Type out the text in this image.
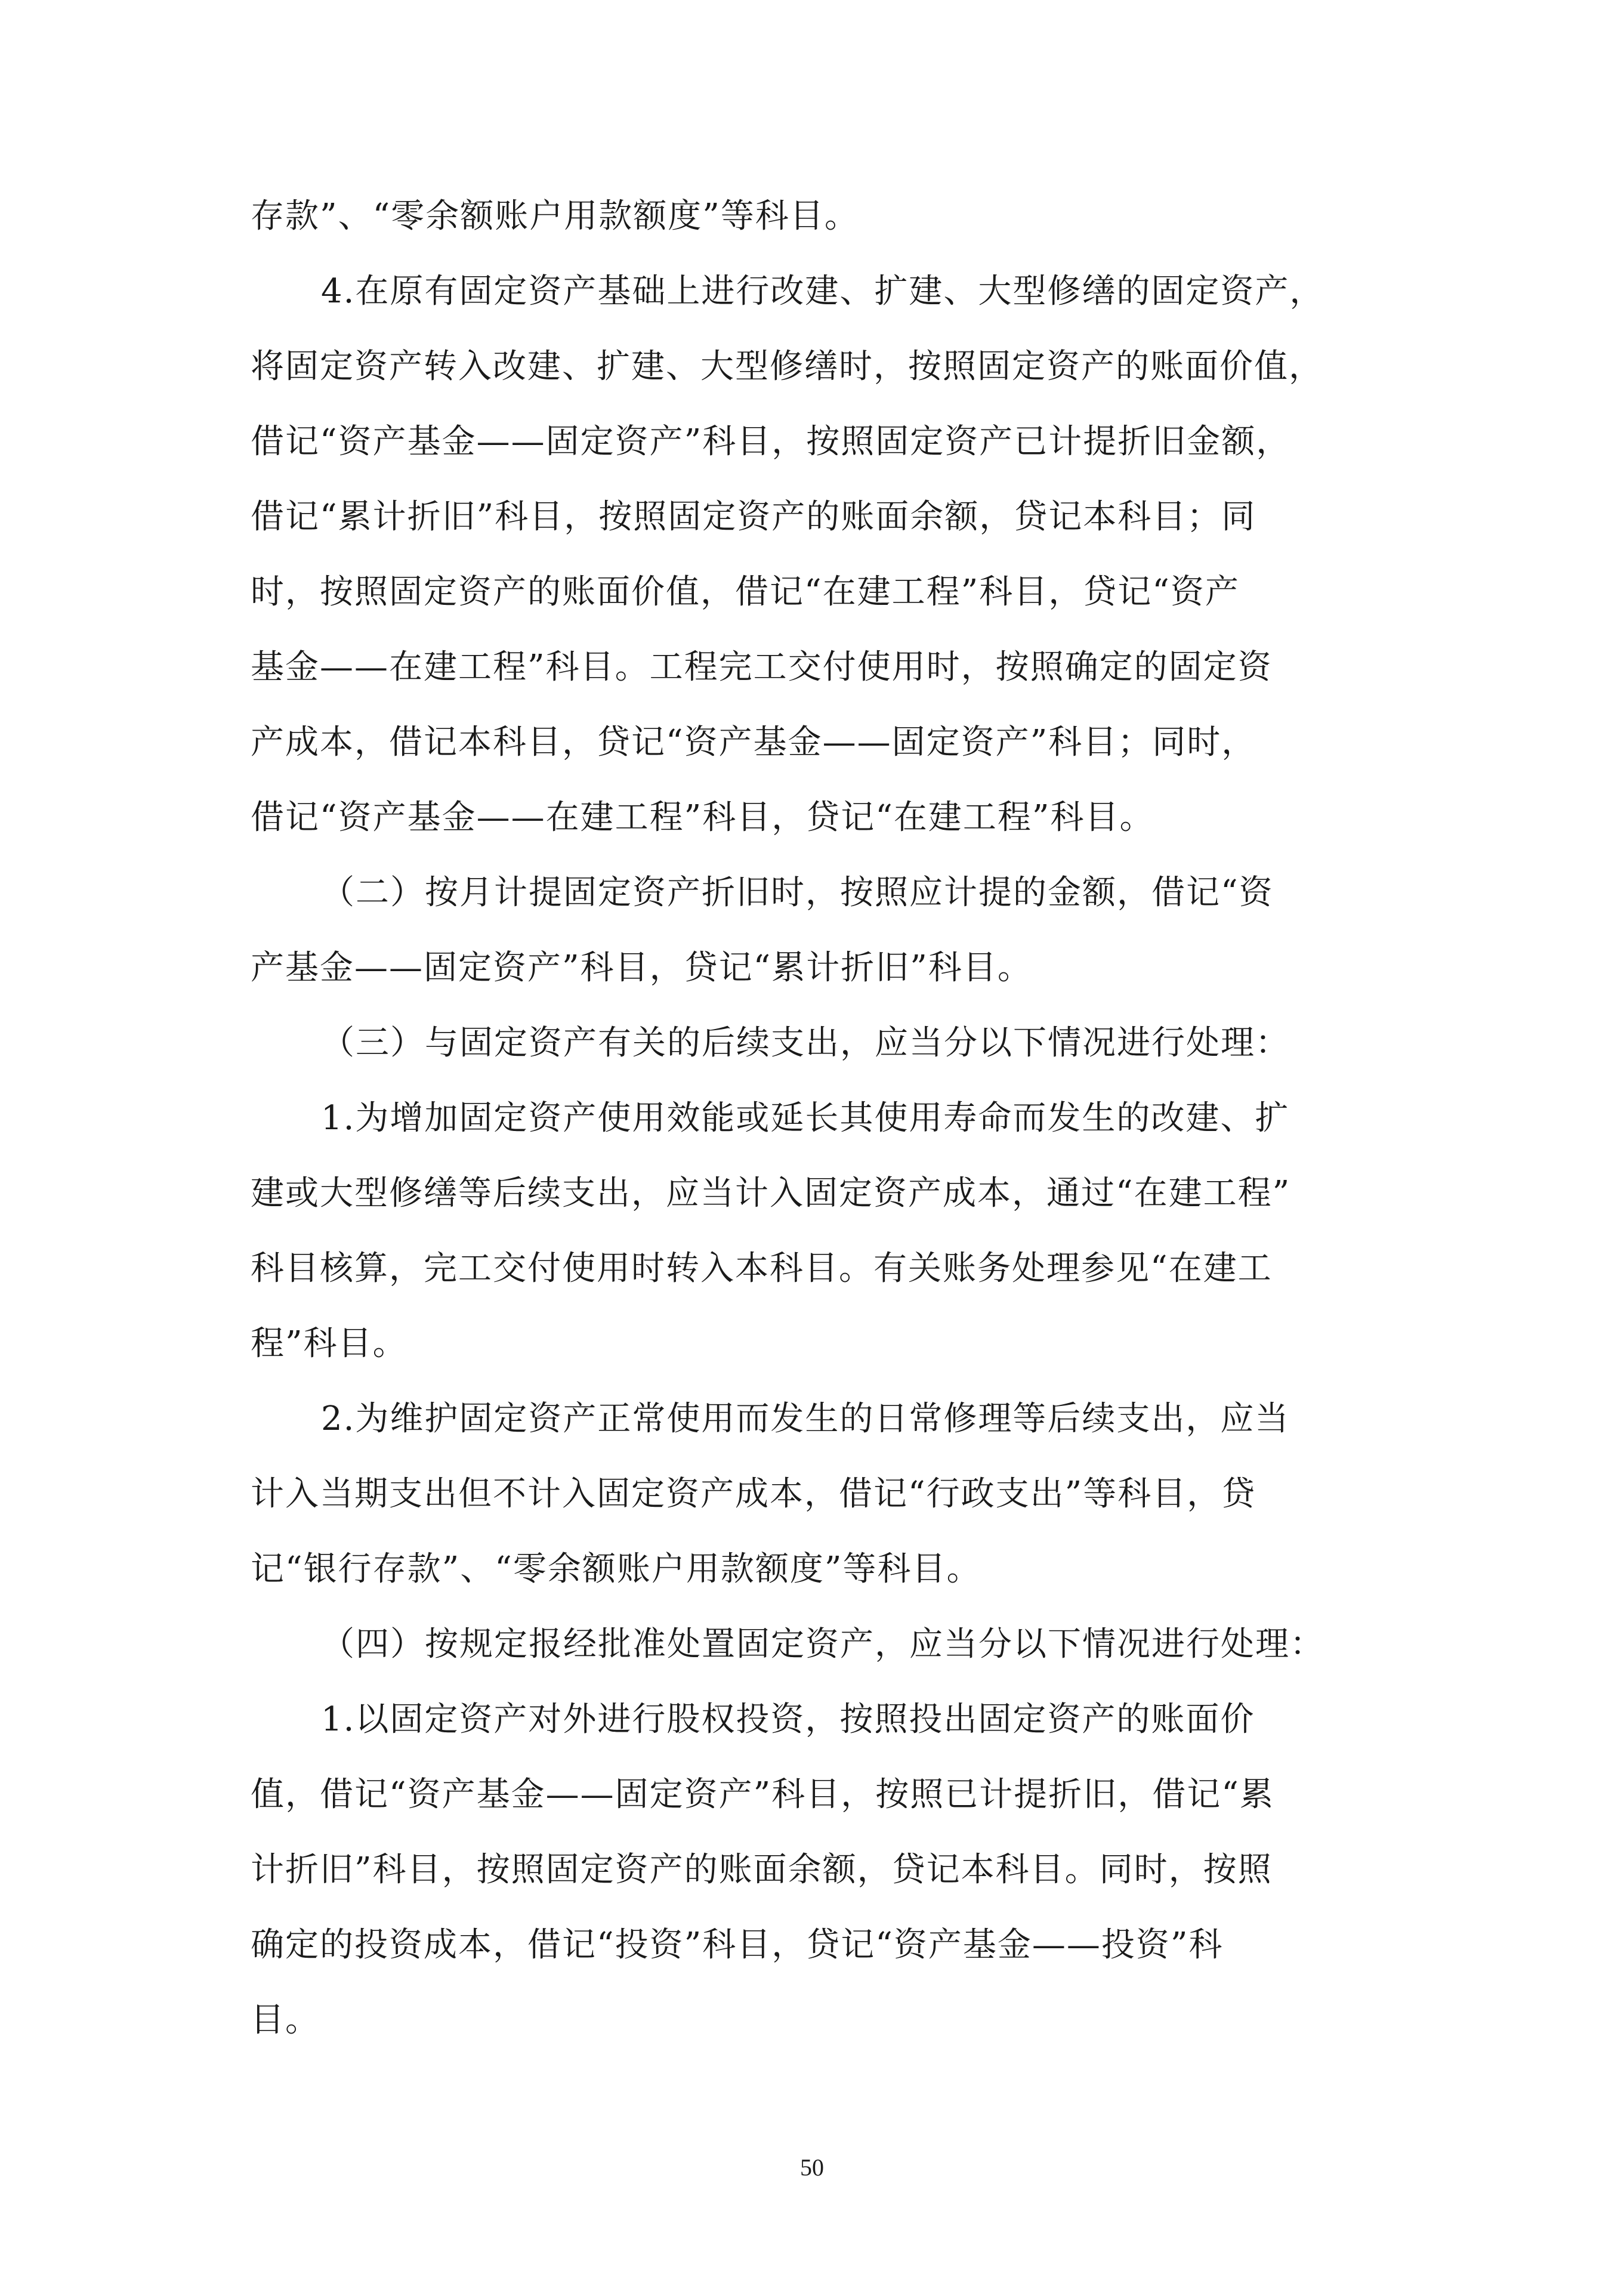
存款”、“零余额账户用款额度”等科目。
4.在原有固定资产基础上进行改建、扩建、大型修缮的固定资产，
将固定资产转入改建、扩建、大型修缮时，按照固定资产的账面价值，
借记“资产基金——固定资产”科目，按照固定资产已计提折旧金额，
借记“累计折旧”科目，按照固定资产的账面余额，贷记本科目；同
时，按照固定资产的账面价值，借记“在建工程”科目，贷记“资产
基金——在建工程”科目。工程完工交付使用时，按照确定的固定资
产成本，借记本科目，贷记“资产基金——固定资产”科目；同时，
借记“资产基金——在建工程”科目，贷记“在建工程”科目。
（二）按月计提固定资产折旧时，按照应计提的金额，借记“资
产基金——固定资产”科目，贷记“累计折旧”科目。
（三）与固定资产有关的后续支出，应当分以下情况进行处理：
1.为增加固定资产使用效能或延长其使用寿命而发生的改建、扩
建或大型修缮等后续支出，应当计入固定资产成本，通过“在建工程”
科目核算，完工交付使用时转入本科目。有关账务处理参见“在建工
程”科目。
2.为维护固定资产正常使用而发生的日常修理等后续支出，应当
计入当期支出但不计入固定资产成本，借记“行政支出”等科目，贷
记“银行存款”、“零余额账户用款额度”等科目。
（四）按规定报经批准处置固定资产，应当分以下情况进行处理：
1.以固定资产对外进行股权投资，按照投出固定资产的账面价
值，借记“资产基金——固定资产”科目，按照已计提折旧，借记“累
计折旧”科目，按照固定资产的账面余额，贷记本科目。同时，按照
确定的投资成本，借记“投资”科目，贷记“资产基金——投资”科
目。
50
